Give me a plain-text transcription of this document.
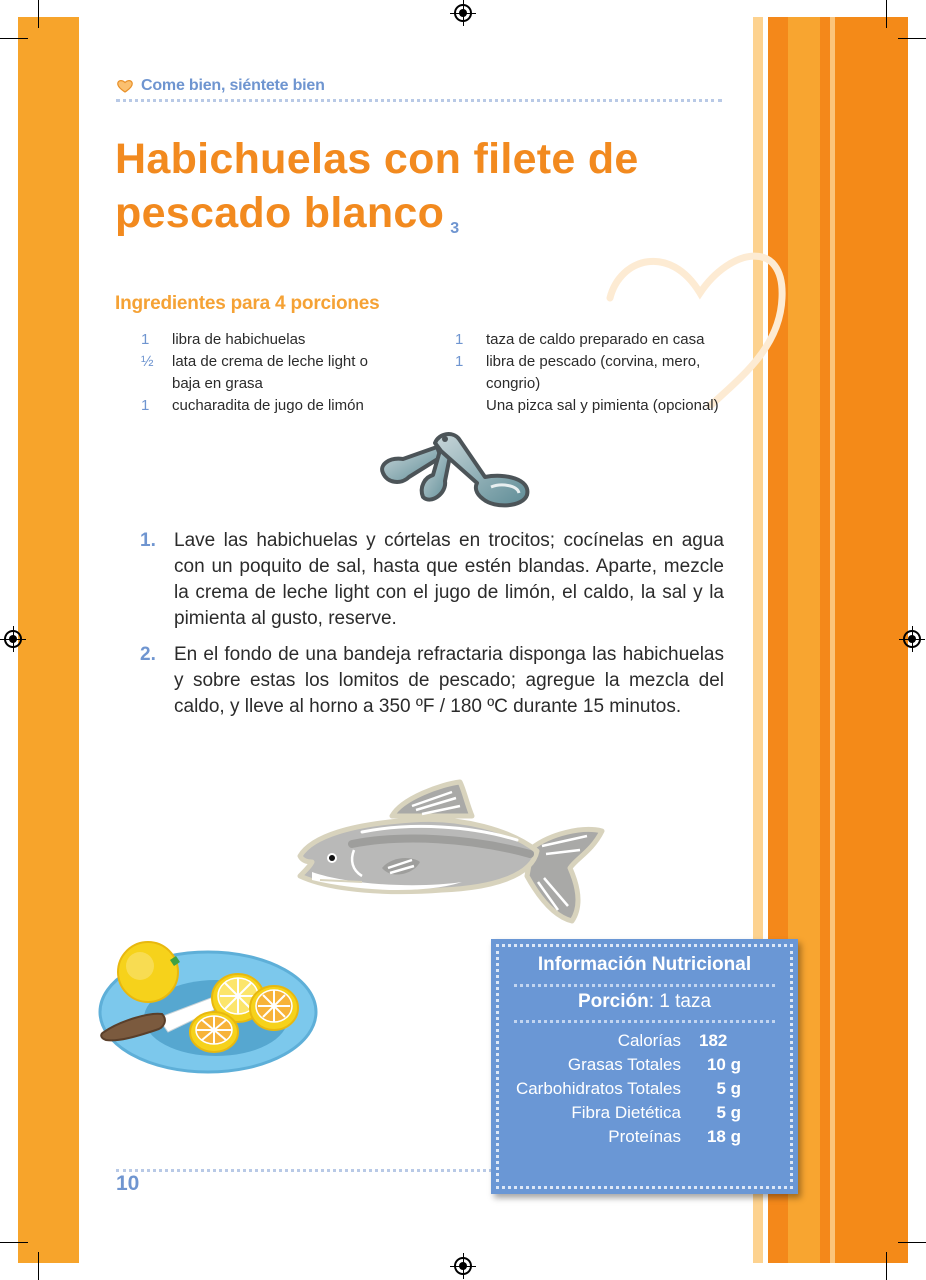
Come bien, siéntete bien
Habichuelas con filete de
pescado blanco $^3$
Ingredientes para 4 porciones
1	libra de habichuelas
½	lata de crema de leche light o baja en grasa
1	cucharadita de jugo de limón
1	taza de caldo preparado en casa
1	libra de pescado (corvina, mero, congrio)
Una pizca sal y pimienta (opcional)
1. Lave las habichuelas y córtelas en trocitos; cocínelas en agua con un poquito de sal, hasta que estén blandas. Aparte, mezcle la crema de leche light con el jugo de limón, el caldo, la sal y la pimienta al gusto, reserve.
2. En el fondo de una bandeja refractaria disponga las habichuelas y sobre estas los lomitos de pescado; agregue la mezcla del caldo, y lleve al horno a 350 ºF / 180 ºC durante 15 minutos.
10
Información Nutricional
Porción: 1 taza
Calorías	182
Grasas Totales	10 g
Carbohidratos Totales	5 g
Fibra Dietética	5 g
Proteínas	18 g
